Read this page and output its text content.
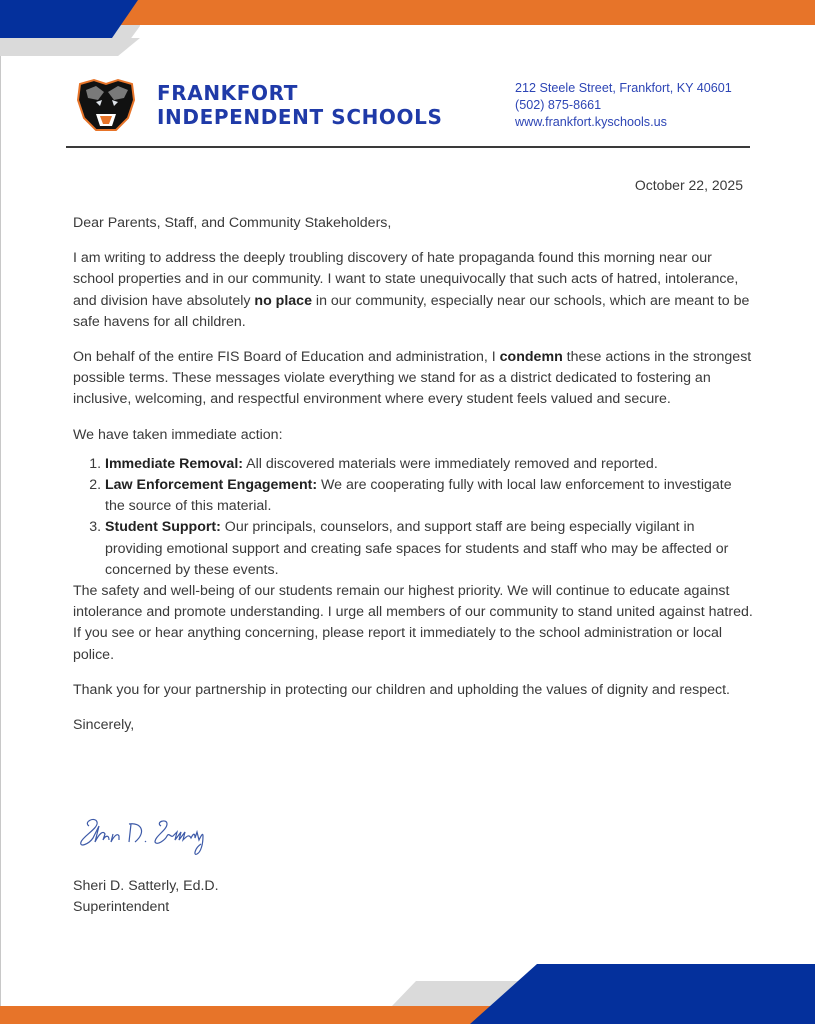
FRANKFORT
INDEPENDENT SCHOOLS
212 Steele Street, Frankfort, KY 40601
(502) 875-8661
www.frankfort.kyschools.us
October 22, 2025

Dear Parents, Staff, and Community Stakeholders,

I am writing to address the deeply troubling discovery of hate propaganda found this morning near our school properties and in our community. I want to state unequivocally that such acts of hatred, intolerance, and division have absolutely no place in our community, especially near our schools, which are meant to be safe havens for all children.

On behalf of the entire FIS Board of Education and administration, I condemn these actions in the strongest possible terms. These messages violate everything we stand for as a district dedicated to fostering an inclusive, welcoming, and respectful environment where every student feels valued and secure.

We have taken immediate action:

1. Immediate Removal: All discovered materials were immediately removed and reported.
2. Law Enforcement Engagement: We are cooperating fully with local law enforcement to investigate the source of this material.
3. Student Support: Our principals, counselors, and support staff are being especially vigilant in providing emotional support and creating safe spaces for students and staff who may be affected or concerned by these events.

The safety and well-being of our students remain our highest priority. We will continue to educate against intolerance and promote understanding. I urge all members of our community to stand united against hatred. If you see or hear anything concerning, please report it immediately to the school administration or local police.

Thank you for your partnership in protecting our children and upholding the values of dignity and respect.

Sincerely,

Sheri D. Satterly, Ed.D.
Superintendent
